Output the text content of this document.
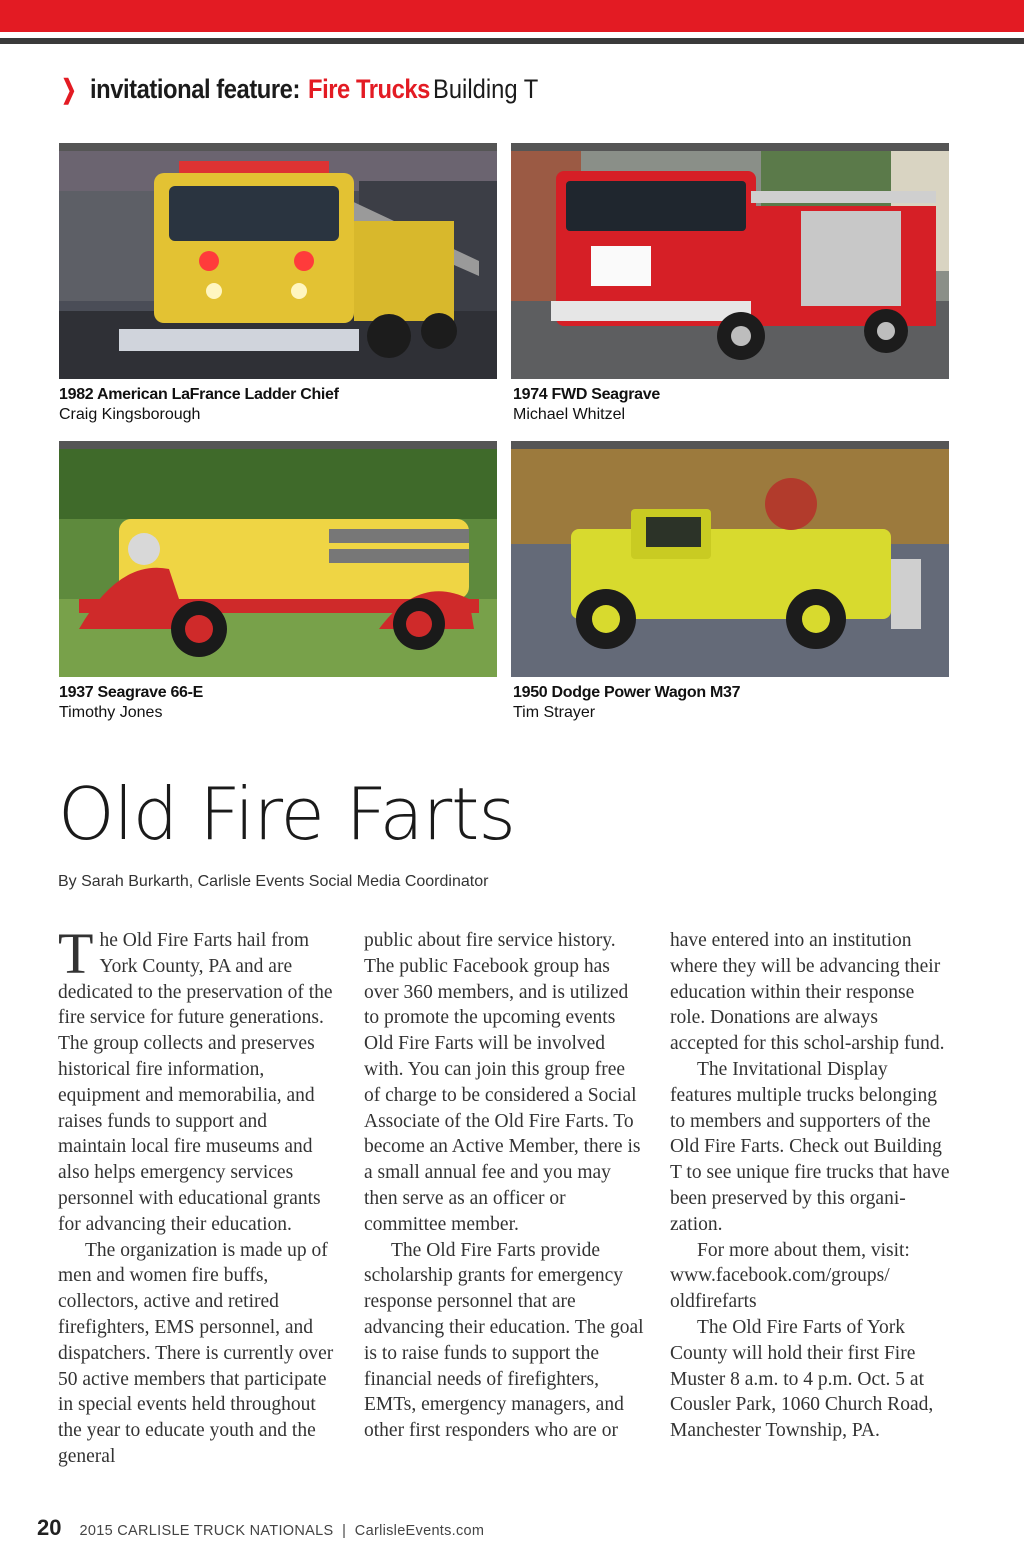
❯ invitational feature: Fire Trucks Building T
1982 American LaFrance Ladder Chief
Craig Kingsborough
1974 FWD Seagrave
Michael Whitzel
1937 Seagrave 66-E
Timothy Jones
1950 Dodge Power Wagon M37
Tim Strayer
Old Fire Farts
By Sarah Burkarth, Carlisle Events Social Media Coordinator

The Old Fire Farts hail from York County, PA and are dedicated to the preservation of the fire service for future generations. The group collects and preserves historical fire information, equipment and memorabilia, and raises funds to support and maintain local fire museums and also helps emergency services personnel with educational grants for advancing their education.

The organization is made up of men and women fire buffs, collectors, active and retired firefighters, EMS personnel, and dispatchers. There is currently over 50 active members that participate in special events held throughout the year to educate youth and the general

public about fire service history. The public Facebook group has over 360 members, and is utilized to promote the upcoming events Old Fire Farts will be involved with. You can join this group free of charge to be considered a Social Associate of the Old Fire Farts. To become an Active Member, there is a small annual fee and you may then serve as an officer or committee member.

The Old Fire Farts provide scholarship grants for emergency response personnel that are advancing their education. The goal is to raise funds to support the financial needs of firefighters, EMTs, emergency managers, and other first responders who are or

have entered into an institution where they will be advancing their education within their response role. Donations are always accepted for this schol-arship fund.

The Invitational Display features multiple trucks belonging to members and supporters of the Old Fire Farts. Check out Building T to see unique fire trucks that have been preserved by this organi-zation.

For more about them, visit: www.facebook.com/groups/ oldfirefarts

The Old Fire Farts of York County will hold their first Fire Muster 8 a.m. to 4 p.m. Oct. 5 at Cousler Park, 1060 Church Road, Manchester Township, PA.

20 2015 CARLISLE TRUCK NATIONALS  |  CarlisleEvents.com
